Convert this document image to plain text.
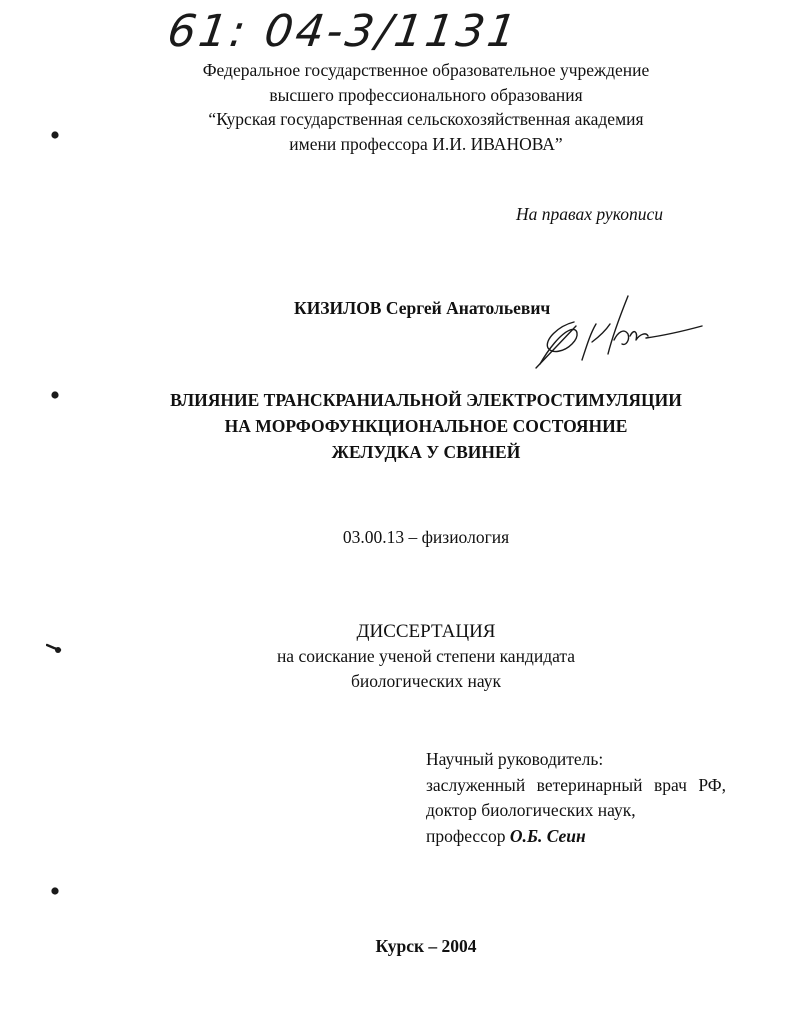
61: 04-3/1131
Федеральное государственное образовательное учреждение
высшего профессионального образования
“Курская государственная сельскохозяйственная академия
имени профессора И.И. ИВАНОВА”
На правах рукописи
КИЗИЛОВ Сергей Анатольевич
ВЛИЯНИЕ ТРАНСКРАНИАЛЬНОЙ ЭЛЕКТРОСТИМУЛЯЦИИ
НА МОРФОФУНКЦИОНАЛЬНОЕ СОСТОЯНИЕ
ЖЕЛУДКА У СВИНЕЙ
03.00.13 – физиология
ДИССЕРТАЦИЯ
на соискание ученой степени кандидата
биологических наук
Научный руководитель:
заслуженный ветеринарный врач РФ,
доктор биологических наук,
профессор О.Б. Сеин
Курск – 2004
